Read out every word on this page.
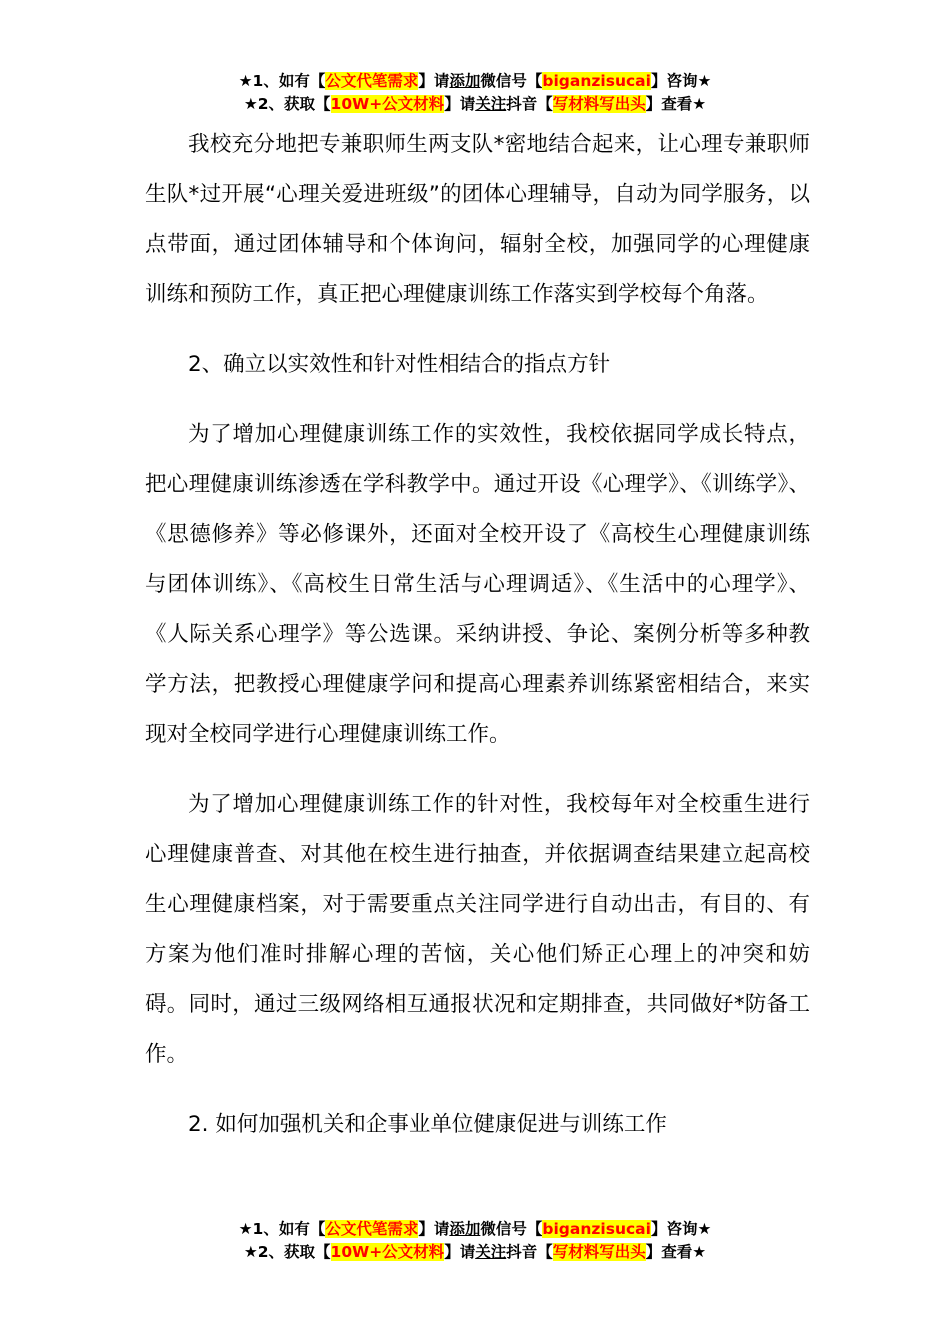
★1、如有【公文代笔需求】请添加微信号【biganzisucai】咨询★
★2、获取【10W+公文材料】请关注抖音【写材料写出头】查看★

我校充分地把专兼职师生两支队*密地结合起来，让心理专兼职师生队*过开展“心理关爱进班级”的团体心理辅导，自动为同学服务，以点带面，通过团体辅导和个体询问，辐射全校，加强同学的心理健康训练和预防工作，真正把心理健康训练工作落实到学校每个角落。

2、确立以实效性和针对性相结合的指点方针

为了增加心理健康训练工作的实效性，我校依据同学成长特点，把心理健康训练渗透在学科教学中。通过开设《心理学》、《训练学》、《思德修养》等必修课外，还面对全校开设了《高校生心理健康训练与团体训练》、《高校生日常生活与心理调适》、《生活中的心理学》、《人际关系心理学》等公选课。采纳讲授、争论、案例分析等多种教学方法，把教授心理健康学问和提高心理素养训练紧密相结合，来实现对全校同学进行心理健康训练工作。

为了增加心理健康训练工作的针对性，我校每年对全校重生进行心理健康普查、对其他在校生进行抽查，并依据调查结果建立起高校生心理健康档案，对于需要重点关注同学进行自动出击，有目的、有方案为他们准时排解心理的苦恼，关心他们矫正心理上的冲突和妨碍。同时，通过三级网络相互通报状况和定期排查，共同做好*防备工作。

2. 如何加强机关和企事业单位健康促进与训练工作

★1、如有【公文代笔需求】请添加微信号【biganzisucai】咨询★
★2、获取【10W+公文材料】请关注抖音【写材料写出头】查看★
